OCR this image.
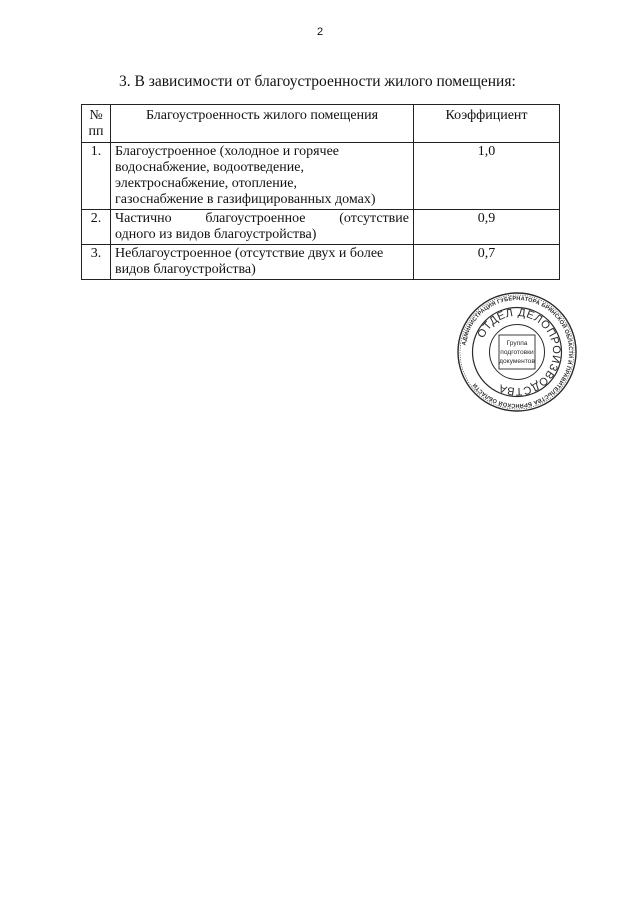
2
3. В зависимости от благоустроенности жилого помещения:
№
пп	Благоустроенность жилого помещения	Коэффициент
1.	Благоустроенное (холодное и горячее
водоснабжение, водоотведение,
электроснабжение, отопление,
газоснабжение в газифицированных домах)	1,0
2.	Частично благоустроенное (отсутствие
одного из видов благоустройства)	0,9
3.	Неблагоустроенное (отсутствие двух и более
видов благоустройства)	0,7
АДМИНИСТРАЦИЯ ГУБЕРНАТОРА БРЯНСКОЙ ОБЛАСТИ И ПРАВИТЕЛЬСТВА БРЯНСКОЙ ОБЛАСТИ
ОТДЕЛ ДЕЛОПРОИЗВОДСТВА
Группа
подготовки
документов
